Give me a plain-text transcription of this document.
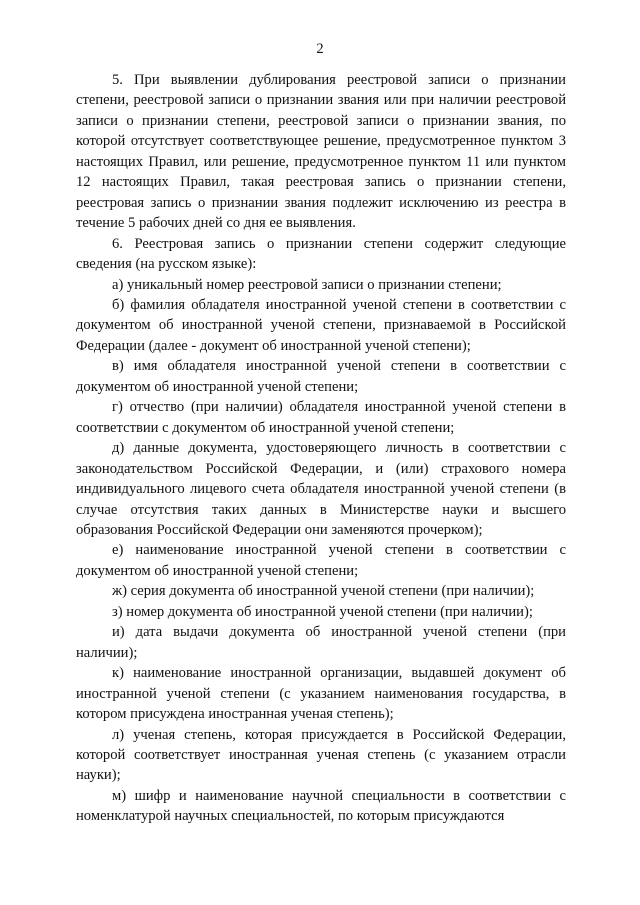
2

5. При выявлении дублирования реестровой записи о признании степени, реестровой записи о признании звания или при наличии реестровой записи о признании степени, реестровой записи о признании звания, по которой отсутствует соответствующее решение, предусмотренное пунктом 3 настоящих Правил, или решение, предусмотренное пунктом 11 или пунктом 12 настоящих Правил, такая реестровая запись о признании степени, реестровая запись о признании звания подлежит исключению из реестра в течение 5 рабочих дней со дня ее выявления.

6. Реестровая запись о признании степени содержит следующие сведения (на русском языке):

а) уникальный номер реестровой записи о признании степени;

б) фамилия обладателя иностранной ученой степени в соответствии с документом об иностранной ученой степени, признаваемой в Российской Федерации (далее - документ об иностранной ученой степени);

в) имя обладателя иностранной ученой степени в соответствии с документом об иностранной ученой степени;

г) отчество (при наличии) обладателя иностранной ученой степени в соответствии с документом об иностранной ученой степени;

д) данные документа, удостоверяющего личность в соответствии с законодательством Российской Федерации, и (или) страхового номера индивидуального лицевого счета обладателя иностранной ученой степени (в случае отсутствия таких данных в Министерстве науки и высшего образования Российской Федерации они заменяются прочерком);

е) наименование иностранной ученой степени в соответствии с документом об иностранной ученой степени;

ж) серия документа об иностранной ученой степени (при наличии);

з) номер документа об иностранной ученой степени (при наличии);

и) дата выдачи документа об иностранной ученой степени (при наличии);

к) наименование иностранной организации, выдавшей документ об иностранной ученой степени (с указанием наименования государства, в котором присуждена иностранная ученая степень);

л) ученая степень, которая присуждается в Российской Федерации, которой соответствует иностранная ученая степень (с указанием отрасли науки);

м) шифр и наименование научной специальности в соответствии с номенклатурой научных специальностей, по которым присуждаются
